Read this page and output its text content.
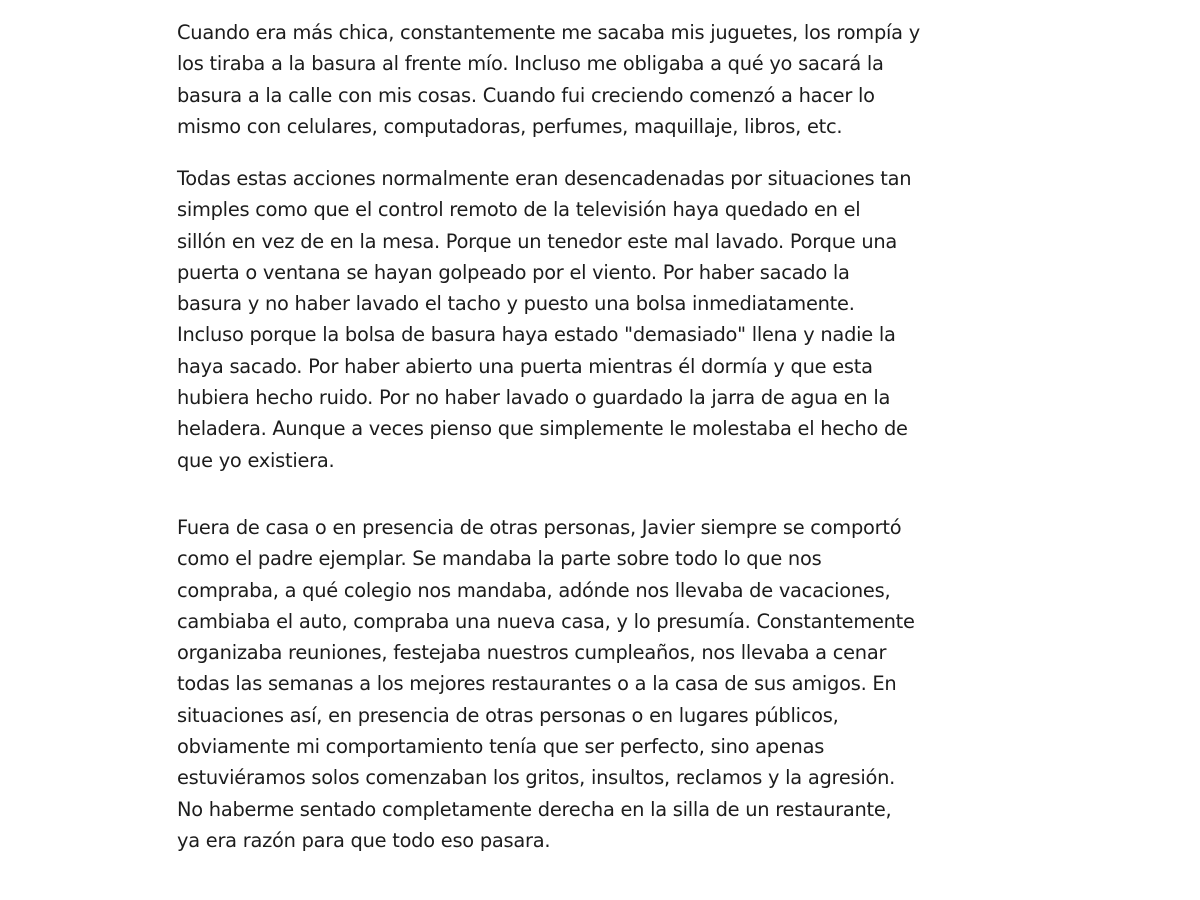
Cuando era más chica, constantemente me sacaba mis juguetes, los rompía y
los tiraba a la basura al frente mío. Incluso me obligaba a qué yo sacará la
basura a la calle con mis cosas. Cuando fui creciendo comenzó a hacer lo
mismo con celulares, computadoras, perfumes, maquillaje, libros, etc.
Todas estas acciones normalmente eran desencadenadas por situaciones tan
simples como que el control remoto de la televisión haya quedado en el
sillón en vez de en la mesa. Porque un tenedor este mal lavado. Porque una
puerta o ventana se hayan golpeado por el viento. Por haber sacado la
basura y no haber lavado el tacho y puesto una bolsa inmediatamente.
Incluso porque la bolsa de basura haya estado "demasiado" llena y nadie la
haya sacado. Por haber abierto una puerta mientras él dormía y que esta
hubiera hecho ruido. Por no haber lavado o guardado la jarra de agua en la
heladera. Aunque a veces pienso que simplemente le molestaba el hecho de
que yo existiera.
Fuera de casa o en presencia de otras personas, Javier siempre se comportó
como el padre ejemplar. Se mandaba la parte sobre todo lo que nos
compraba, a qué colegio nos mandaba, adónde nos llevaba de vacaciones,
cambiaba el auto, compraba una nueva casa, y lo presumía. Constantemente
organizaba reuniones, festejaba nuestros cumpleaños, nos llevaba a cenar
todas las semanas a los mejores restaurantes o a la casa de sus amigos. En
situaciones así, en presencia de otras personas o en lugares públicos,
obviamente mi comportamiento tenía que ser perfecto, sino apenas
estuviéramos solos comenzaban los gritos, insultos, reclamos y la agresión.
No haberme sentado completamente derecha en la silla de un restaurante,
ya era razón para que todo eso pasara.
